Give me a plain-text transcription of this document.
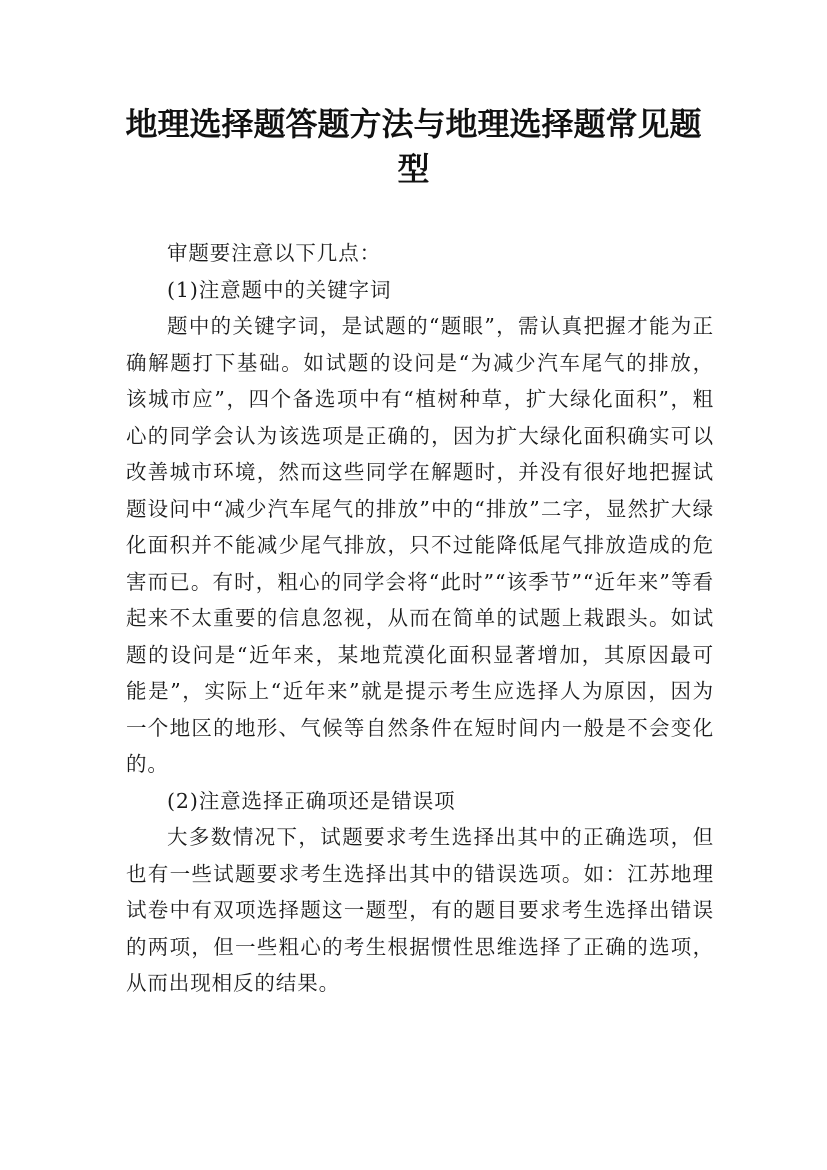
地理选择题答题方法与地理选择题常见题型

审题要注意以下几点：

(1)注意题中的关键字词

题中的关键字词，是试题的“题眼”，需认真把握才能为正确解题打下基础。如试题的设问是“为减少汽车尾气的排放，该城市应”，四个备选项中有“植树种草，扩大绿化面积”，粗心的同学会认为该选项是正确的，因为扩大绿化面积确实可以改善城市环境，然而这些同学在解题时，并没有很好地把握试题设问中“减少汽车尾气的排放”中的“排放”二字，显然扩大绿化面积并不能减少尾气排放，只不过能降低尾气排放造成的危害而已。有时，粗心的同学会将“此时”“该季节”“近年来”等看起来不太重要的信息忽视，从而在简单的试题上栽跟头。如试题的设问是“近年来，某地荒漠化面积显著增加，其原因最可能是”，实际上“近年来”就是提示考生应选择人为原因，因为一个地区的地形、气候等自然条件在短时间内一般是不会变化的。

(2)注意选择正确项还是错误项

大多数情况下，试题要求考生选择出其中的正确选项，但也有一些试题要求考生选择出其中的错误选项。如：江苏地理试卷中有双项选择题这一题型，有的题目要求考生选择出错误的两项，但一些粗心的考生根据惯性思维选择了正确的选项，从而出现相反的结果。
